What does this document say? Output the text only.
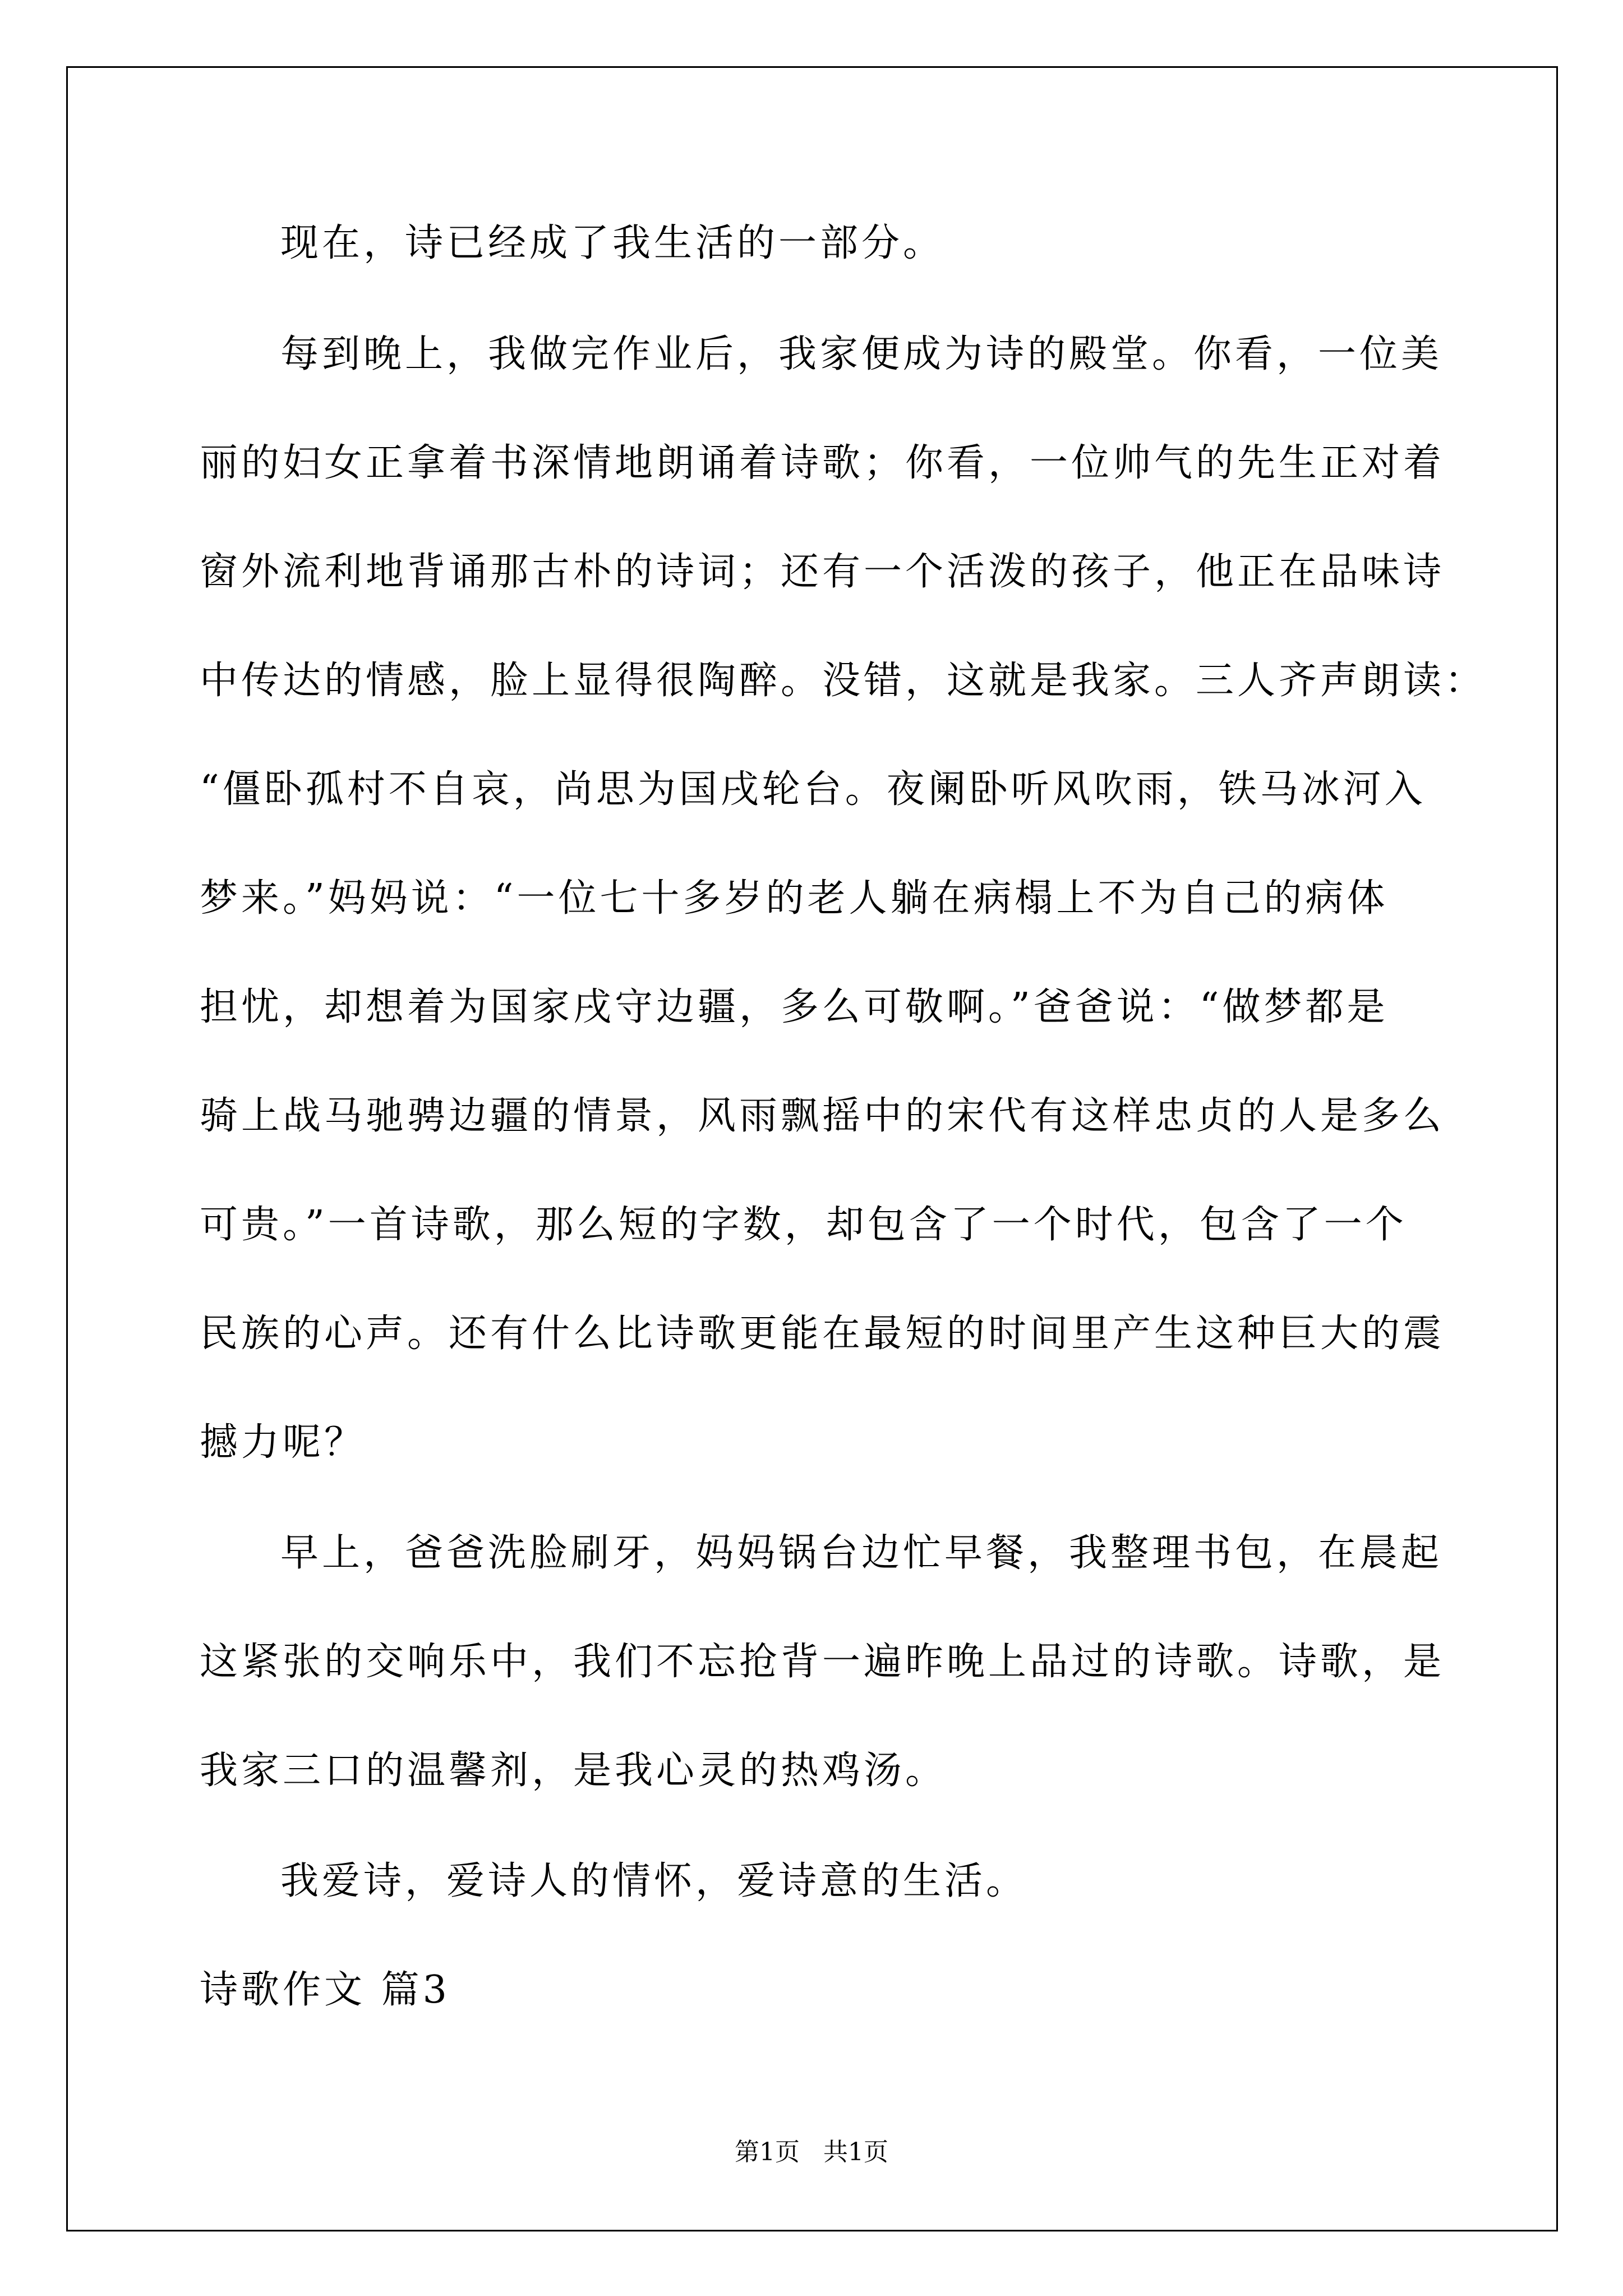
现在，诗已经成了我生活的一部分。
每到晚上，我做完作业后，我家便成为诗的殿堂。你看，一位美
丽的妇女正拿着书深情地朗诵着诗歌；你看，一位帅气的先生正对着
窗外流利地背诵那古朴的诗词；还有一个活泼的孩子，他正在品味诗
中传达的情感，脸上显得很陶醉。没错，这就是我家。三人齐声朗读：
“僵卧孤村不自哀，尚思为国戌轮台。夜阑卧听风吹雨，铁马冰河入
梦来。”妈妈说：“一位七十多岁的老人躺在病榻上不为自己的病体
担忧，却想着为国家戌守边疆，多么可敬啊。”爸爸说：“做梦都是
骑上战马驰骋边疆的情景，风雨飘摇中的宋代有这样忠贞的人是多么
可贵。”一首诗歌，那么短的字数，却包含了一个时代，包含了一个
民族的心声。还有什么比诗歌更能在最短的时间里产生这种巨大的震
撼力呢？
早上，爸爸洗脸刷牙，妈妈锅台边忙早餐，我整理书包，在晨起
这紧张的交响乐中，我们不忘抢背一遍昨晚上品过的诗歌。诗歌，是
我家三口的温馨剂，是我心灵的热鸡汤。
我爱诗，爱诗人的情怀，爱诗意的生活。
诗歌作文 篇3
第1页   共1页
